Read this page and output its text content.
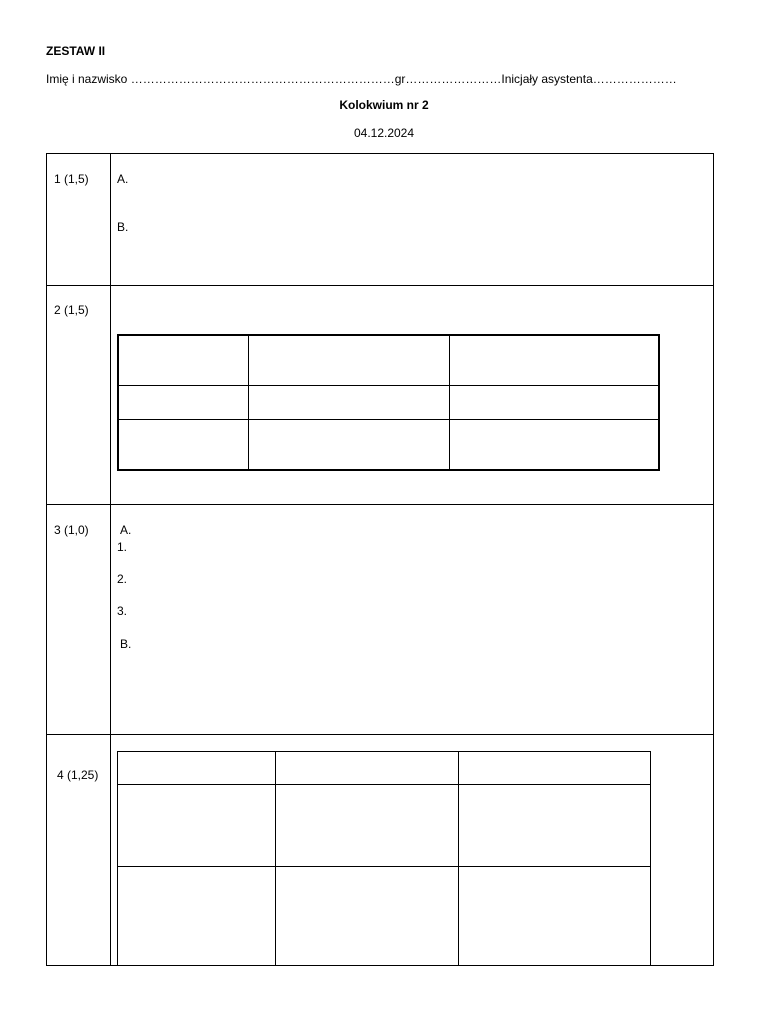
ZESTAW II
Imię i nazwisko …………………………………………………………gr……………………Inicjały asystenta…………………
Kolokwium nr 2
04.12.2024
1 (1,5) A.
B.
2 (1,5)

3 (1,0)	A.
1.
2.
3.
B.
4 (1,25)
